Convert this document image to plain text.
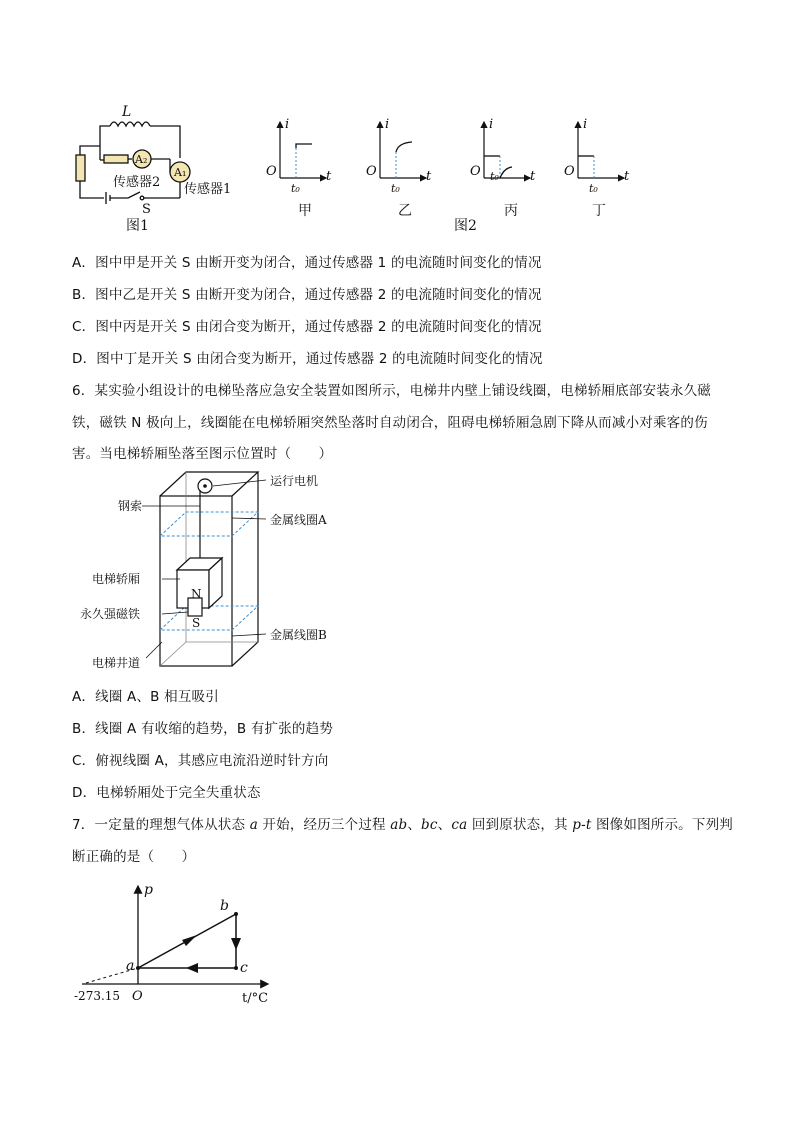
L
A₂
A₁
传感器2 传感器1
S
图1
i
O
t₀
t
甲
i
O
t₀
t
乙
i
O t₀ t
丙
i
O
t₀
t
丁
图2
A．图中甲是开关 S 由断开变为闭合，通过传感器 1 的电流随时间变化的情况
B．图中乙是开关 S 由断开变为闭合，通过传感器 2 的电流随时间变化的情况
C．图中丙是开关 S 由闭合变为断开，通过传感器 2 的电流随时间变化的情况
D．图中丁是开关 S 由闭合变为断开，通过传感器 2 的电流随时间变化的情况
6．某实验小组设计的电梯坠落应急安全装置如图所示，电梯井内壁上铺设线圈，电梯轿厢底部安装永久磁
铁，磁铁 N 极向上，线圈能在电梯轿厢突然坠落时自动闭合，阻碍电梯轿厢急剧下降从而减小对乘客的伤
害。当电梯轿厢坠落至图示位置时（　　）
N
S
运行电机
钢索
金属线圈A
电梯轿厢
永久强磁铁
金属线圈B
电梯井道
A．线圈 A、B 相互吸引
B．线圈 A 有收缩的趋势，B 有扩张的趋势
C．俯视线圈 A，其感应电流沿逆时针方向
D．电梯轿厢处于完全失重状态
7．一定量的理想气体从状态 a 开始，经历三个过程 ab、bc、ca 回到原状态，其 p-t 图像如图所示。下列判
断正确的是（　　）
p
t/°C
O
-273.15
a
b
c
